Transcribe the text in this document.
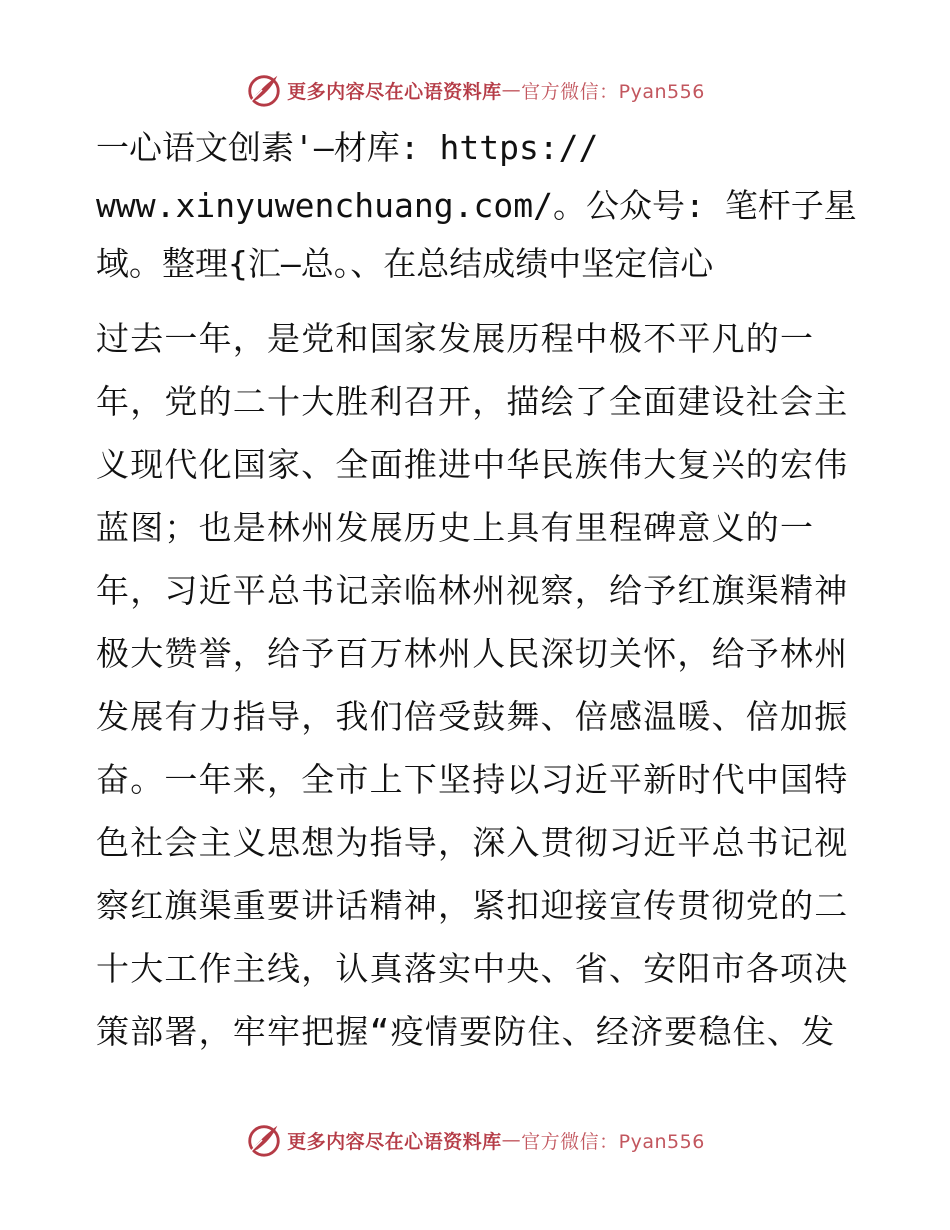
更多内容尽在心语资料库 — 官方微信：Pyan556
一心语文创素'—材库: https://
www.xinyuwenchuang.com/。公众号: 笔杆子星
域。整理{汇—总。、在总结成绩中坚定信心
过去一年，是党和国家发展历程中极不平凡的一
年，党的二十大胜利召开，描绘了全面建设社会主
义现代化国家、全面推进中华民族伟大复兴的宏伟
蓝图；也是林州发展历史上具有里程碑意义的一
年，习近平总书记亲临林州视察，给予红旗渠精神
极大赞誉，给予百万林州人民深切关怀，给予林州
发展有力指导，我们倍受鼓舞、倍感温暖、倍加振
奋。一年来，全市上下坚持以习近平新时代中国特
色社会主义思想为指导，深入贯彻习近平总书记视
察红旗渠重要讲话精神，紧扣迎接宣传贯彻党的二
十大工作主线，认真落实中央、省、安阳市各项决
策部署，牢牢把握“疫情要防住、经济要稳住、发
更多内容尽在心语资料库 — 官方微信：Pyan556
